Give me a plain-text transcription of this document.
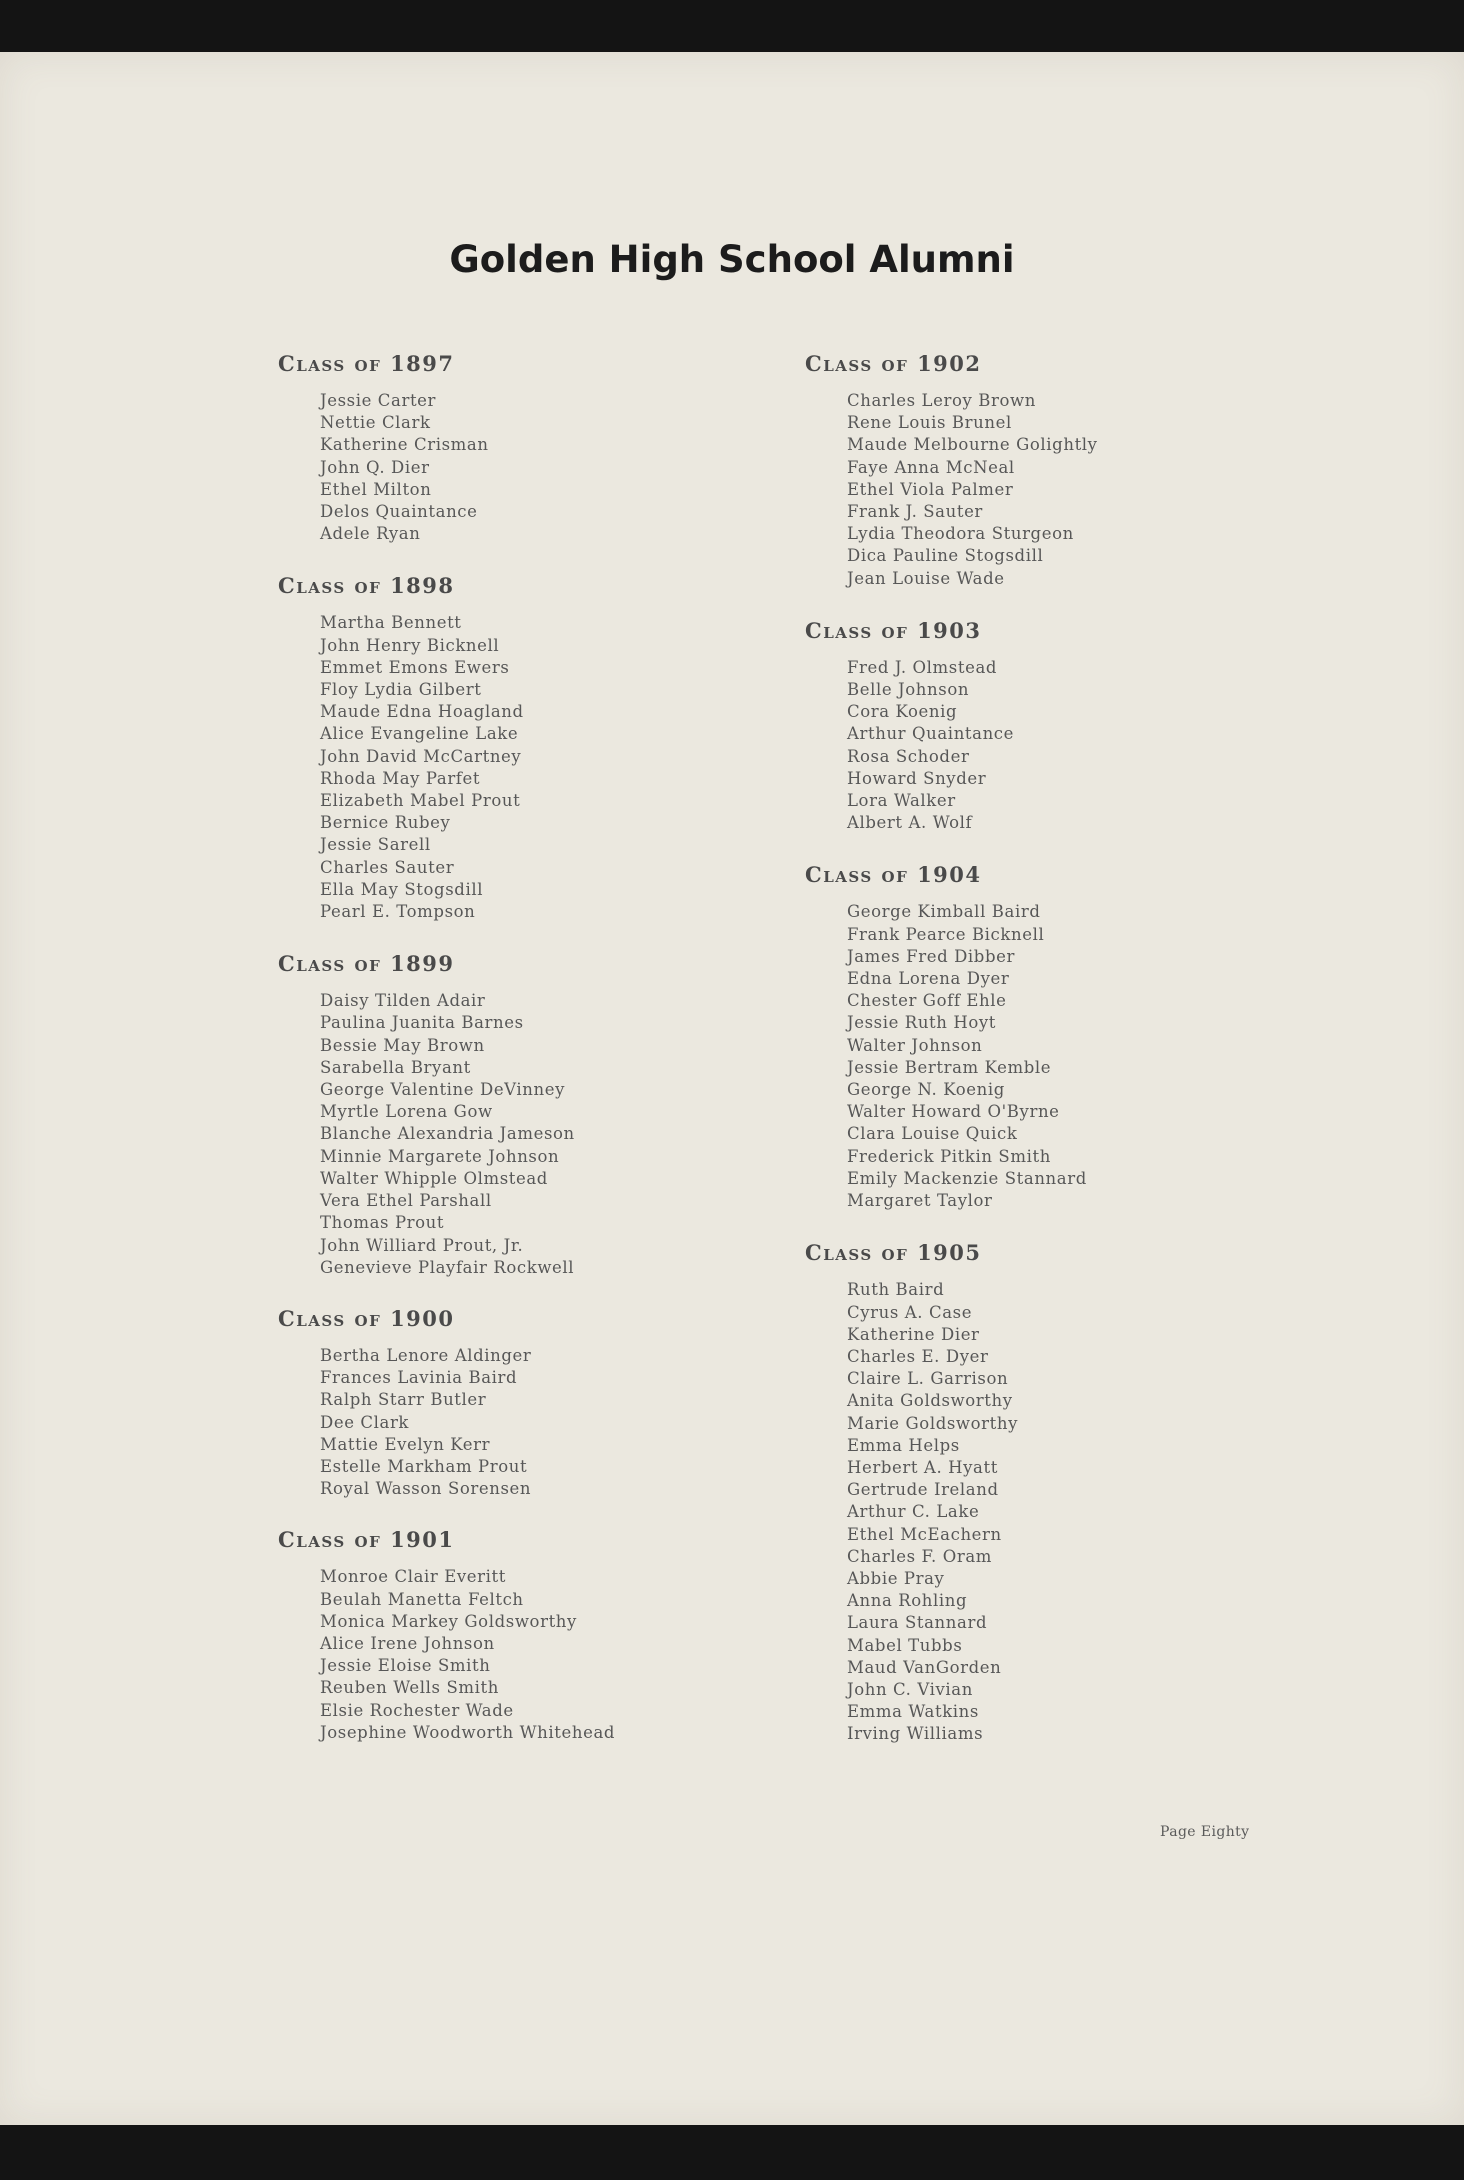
Golden High School Alumni
Class of 1897
Jessie Carter
Nettie Clark
Katherine Crisman
John Q. Dier
Ethel Milton
Delos Quaintance
Adele Ryan
Class of 1898
Martha Bennett
John Henry Bicknell
Emmet Emons Ewers
Floy Lydia Gilbert
Maude Edna Hoagland
Alice Evangeline Lake
John David McCartney
Rhoda May Parfet
Elizabeth Mabel Prout
Bernice Rubey
Jessie Sarell
Charles Sauter
Ella May Stogsdill
Pearl E. Tompson
Class of 1899
Daisy Tilden Adair
Paulina Juanita Barnes
Bessie May Brown
Sarabella Bryant
George Valentine DeVinney
Myrtle Lorena Gow
Blanche Alexandria Jameson
Minnie Margarete Johnson
Walter Whipple Olmstead
Vera Ethel Parshall
Thomas Prout
John Williard Prout, Jr.
Genevieve Playfair Rockwell
Class of 1900
Bertha Lenore Aldinger
Frances Lavinia Baird
Ralph Starr Butler
Dee Clark
Mattie Evelyn Kerr
Estelle Markham Prout
Royal Wasson Sorensen
Class of 1901
Monroe Clair Everitt
Beulah Manetta Feltch
Monica Markey Goldsworthy
Alice Irene Johnson
Jessie Eloise Smith
Reuben Wells Smith
Elsie Rochester Wade
Josephine Woodworth Whitehead
Class of 1902
Charles Leroy Brown
Rene Louis Brunel
Maude Melbourne Golightly
Faye Anna McNeal
Ethel Viola Palmer
Frank J. Sauter
Lydia Theodora Sturgeon
Dica Pauline Stogsdill
Jean Louise Wade
Class of 1903
Fred J. Olmstead
Belle Johnson
Cora Koenig
Arthur Quaintance
Rosa Schoder
Howard Snyder
Lora Walker
Albert A. Wolf
Class of 1904
George Kimball Baird
Frank Pearce Bicknell
James Fred Dibber
Edna Lorena Dyer
Chester Goff Ehle
Jessie Ruth Hoyt
Walter Johnson
Jessie Bertram Kemble
George N. Koenig
Walter Howard O'Byrne
Clara Louise Quick
Frederick Pitkin Smith
Emily Mackenzie Stannard
Margaret Taylor
Class of 1905
Ruth Baird
Cyrus A. Case
Katherine Dier
Charles E. Dyer
Claire L. Garrison
Anita Goldsworthy
Marie Goldsworthy
Emma Helps
Herbert A. Hyatt
Gertrude Ireland
Arthur C. Lake
Ethel McEachern
Charles F. Oram
Abbie Pray
Anna Rohling
Laura Stannard
Mabel Tubbs
Maud VanGorden
John C. Vivian
Emma Watkins
Irving Williams
Page Eighty
